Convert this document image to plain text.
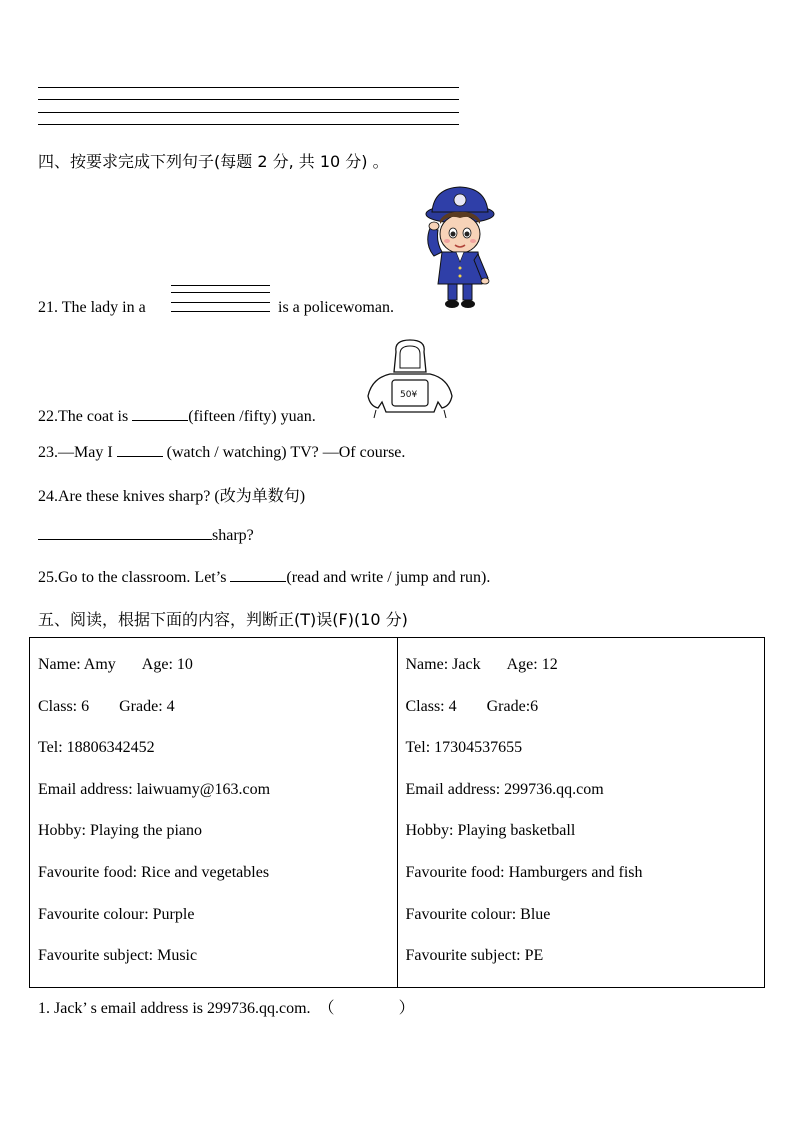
四、按要求完成下列句子(每题 2 分, 共 10 分) 。
21. The lady in a	is a policewoman.
50¥
22.The coat is	(fifteen /fifty) yuan.
23.—May I	(watch / watching) TV? —Of course.
24.Are these knives sharp? (改为单数句)
sharp?
25.Go to the classroom. Let’s	(read and write / jump and run).
五、阅读，根据下面的内容，判断正(T)误(F)(10 分)
Name: Amy Age: 10
Class: 6 Grade: 4
Tel: 18806342452
Email address: laiwuamy@163.com
Hobby: Playing the piano
Favourite food: Rice and vegetables
Favourite colour: Purple
Favourite subject: Music

Name: Jack Age: 12
Class: 4 Grade:6
Tel: 17304537655
Email address: 299736.qq.com
Hobby: Playing basketball
Favourite food: Hamburgers and fish
Favourite colour: Blue
Favourite subject: PE
1. Jack’ s email address is 299736.qq.com. （	）
